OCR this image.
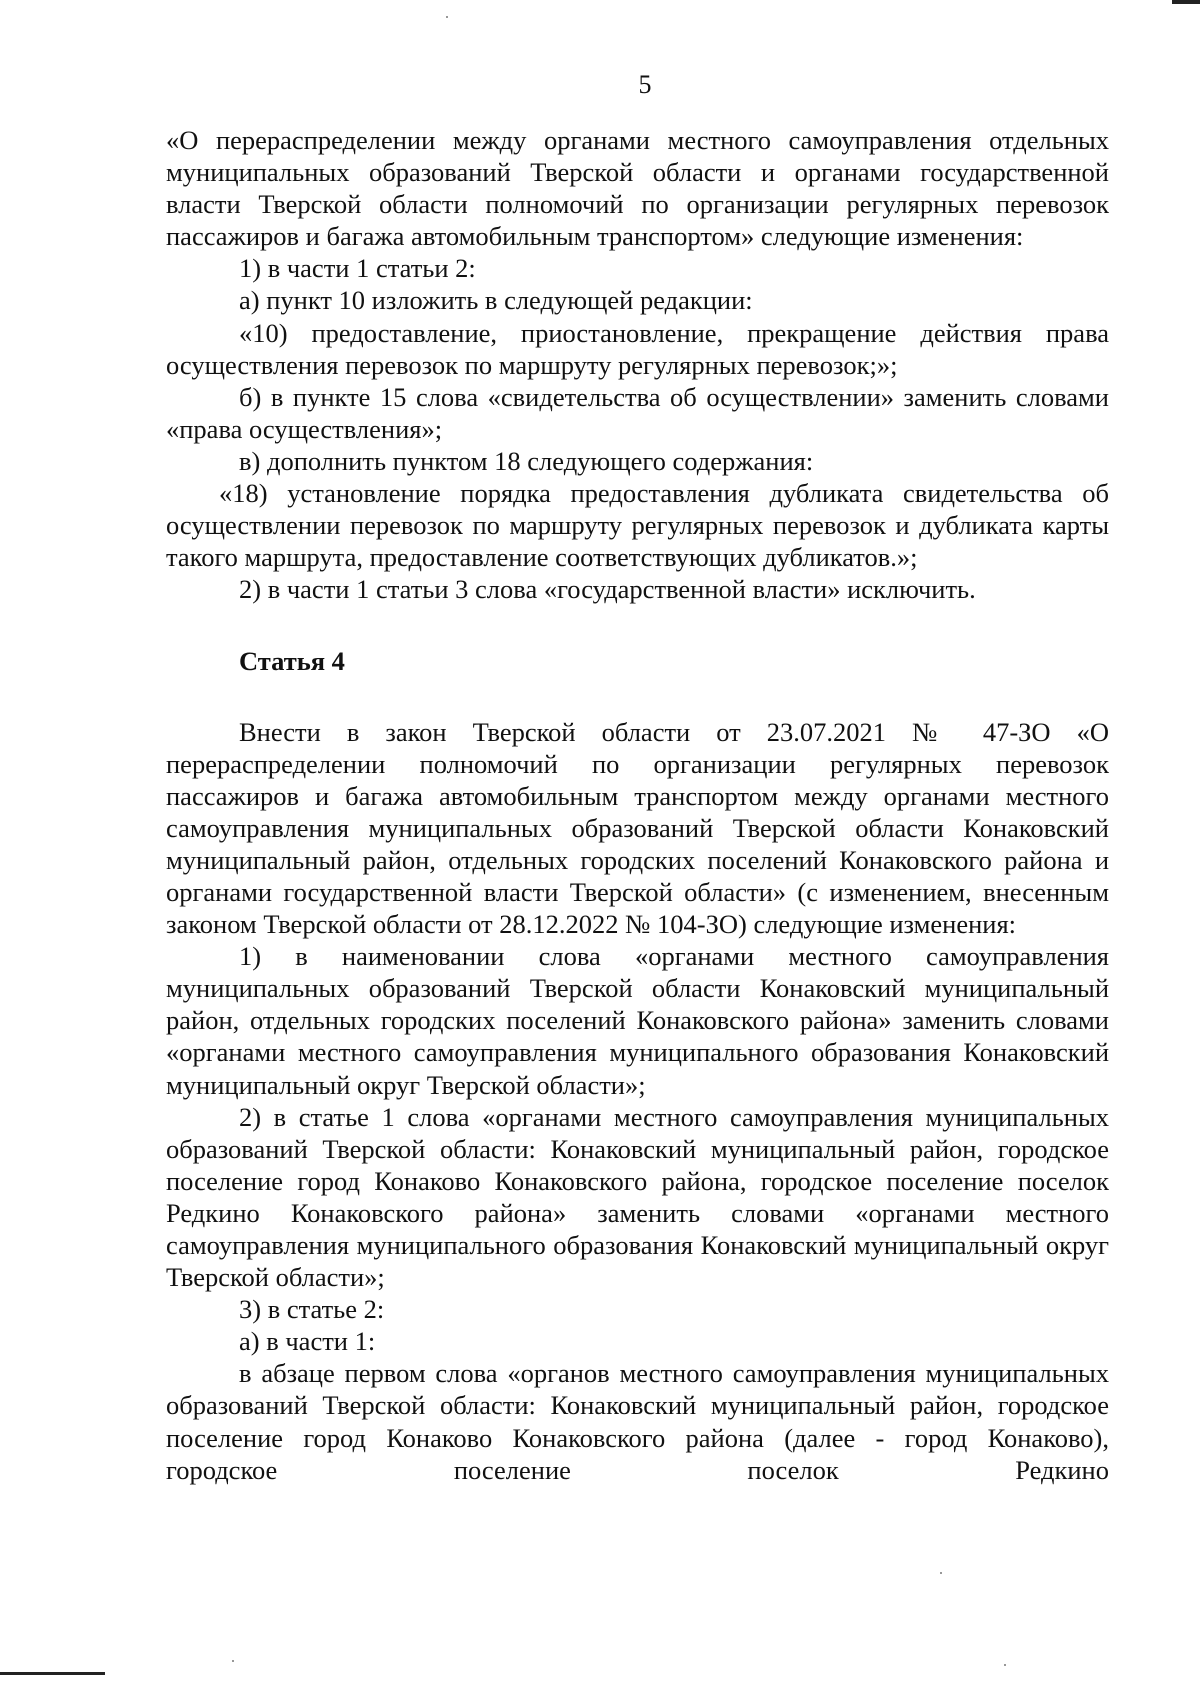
5

«О перераспределении между органами местного самоуправления отдельных муниципальных образований Тверской области и органами государственной власти Тверской области полномочий по организации регулярных перевозок пассажиров и багажа автомобильным транспортом» следующие изменения:

1) в части 1 статьи 2:

а) пункт 10 изложить в следующей редакции:

«10) предоставление, приостановление, прекращение действия права осуществления перевозок по маршруту регулярных перевозок;»;

б) в пункте 15 слова «свидетельства об осуществлении» заменить словами «права осуществления»;

в) дополнить пунктом 18 следующего содержания:

«18) установление порядка предоставления дубликата свидетельства об осуществлении перевозок по маршруту регулярных перевозок и дубликата карты такого маршрута, предоставление соответствующих дубликатов.»;

2) в части 1 статьи 3 слова «государственной власти» исключить.

Статья 4

Внести в закон Тверской области от 23.07.2021 № 47-ЗО «О перераспределении полномочий по организации регулярных перевозок пассажиров и багажа автомобильным транспортом между органами местного самоуправления муниципальных образований Тверской области Конаковский муниципальный район, отдельных городских поселений Конаковского района и органами государственной власти Тверской области» (с изменением, внесенным законом Тверской области от 28.12.2022 № 104-ЗО) следующие изменения:

1) в наименовании слова «органами местного самоуправления муниципальных образований Тверской области Конаковский муниципальный район, отдельных городских поселений Конаковского района» заменить словами «органами местного самоуправления муниципального образования Конаковский муниципальный округ Тверской области»;

2) в статье 1 слова «органами местного самоуправления муниципальных образований Тверской области: Конаковский муниципальный район, городское поселение город Конаково Конаковского района, городское поселение поселок Редкино Конаковского района» заменить словами «органами местного самоуправления муниципального образования Конаковский муниципальный округ Тверской области»;

3) в статье 2:

а) в части 1:

в абзаце первом слова «органов местного самоуправления муниципальных образований Тверской области: Конаковский муниципальный район, городское поселение город Конаково Конаковского района (далее - город Конаково), городское поселение поселок Редкино
